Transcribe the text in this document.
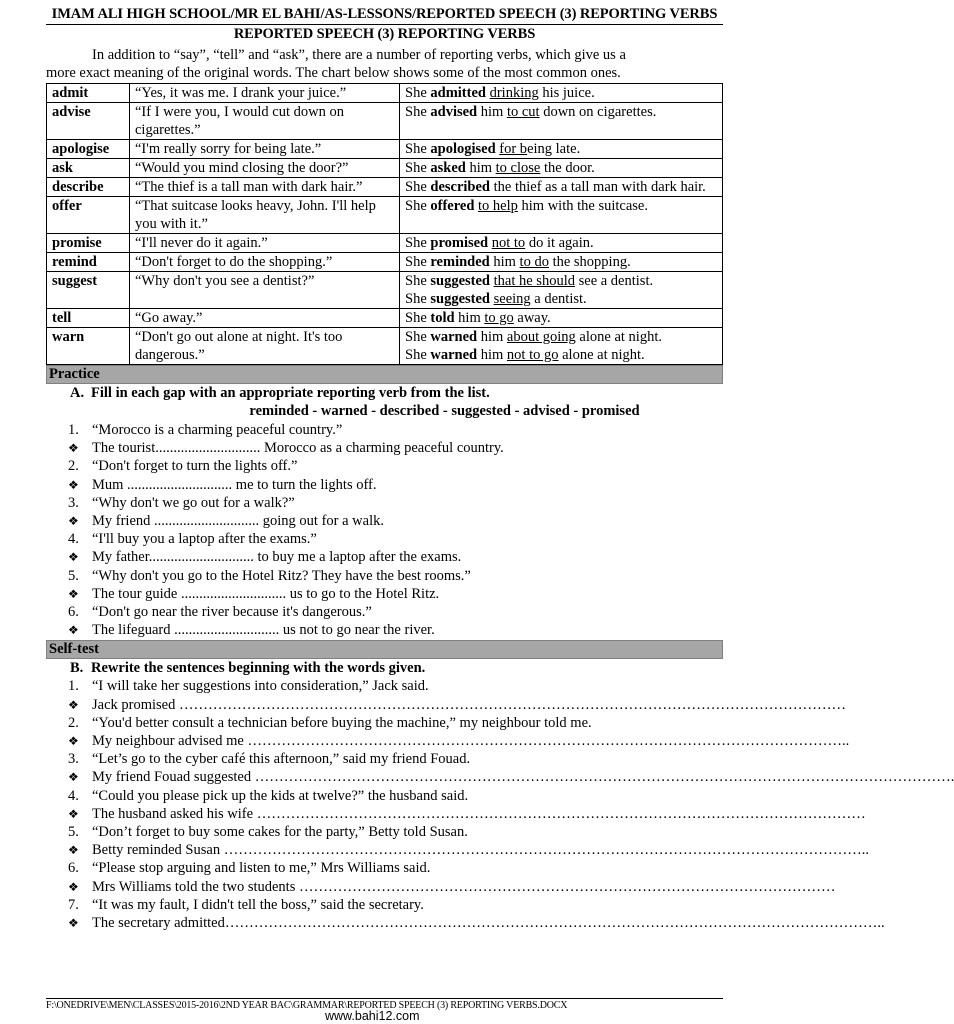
IMAM ALI HIGH SCHOOL/MR EL BAHI/AS-LESSONS/REPORTED SPEECH (3) REPORTING VERBS
REPORTED SPEECH (3) REPORTING VERBS
In addition to “say”, “tell” and “ask”, there are a number of reporting verbs, which give us a
more exact meaning of the original words. The chart below shows some of the most common ones.
admit	“Yes, it was me. I drank your juice.”	She admitted drinking his juice.

advise	“If I were you, I would cut down on cigarettes.”	She advised him to cut down on cigarettes.

apologise	“I'm really sorry for being late.”	She apologised for being late.

ask	“Would you mind closing the door?”	She asked him to close the door.

describe	“The thief is a tall man with dark hair.”	She described the thief as a tall man with dark hair.

offer	“That suitcase looks heavy, John. I'll help you with it.”	She offered to help him with the suitcase.

promise	“I'll never do it again.”	She promised not to do it again.

remind	“Don't forget to do the shopping.”	She reminded him to do the shopping.

suggest	“Why don't you see a dentist?”	She suggested that he should see a dentist.
She suggested seeing a dentist.

tell	“Go away.”	She told him to go away.

warn	“Don't go out alone at night. It's too dangerous.”	She warned him about going alone at night.
She warned him not to go alone at night.
Practice
A. Fill in each gap with an appropriate reporting verb from the list.
reminded - warned - described - suggested - advised - promised
1. “Morocco is a charming peaceful country.”
❖ The tourist............................. Morocco as a charming peaceful country.
2. “Don't forget to turn the lights off.”
❖ Mum ............................. me to turn the lights off.
3. “Why don't we go out for a walk?”
❖ My friend ............................. going out for a walk.
4. “I'll buy you a laptop after the exams.”
❖ My father............................. to buy me a laptop after the exams.
5. “Why don't you go to the Hotel Ritz? They have the best rooms.”
❖ The tour guide ............................. us to go to the Hotel Ritz.
6. “Don't go near the river because it's dangerous.”
❖ The lifeguard ............................. us not to go near the river.
Self-test
B. Rewrite the sentences beginning with the words given.
1. “I will take her suggestions into consideration,” Jack said.
❖ Jack promised …………………………………………………………………………………………………………………………
2. “You'd better consult a technician before buying the machine,” my neighbour told me.
❖ My neighbour advised me ……………………………………………………………………………………………………………..
3. “Let’s go to the cyber café this afternoon,” said my friend Fouad.
❖ My friend Fouad suggested ……………………………………………………………………………………………………………………………….
4. “Could you please pick up the kids at twelve?” the husband said.
❖ The husband asked his wife ………………………………………………………………………………………………………………
5. “Don’t forget to buy some cakes for the party,” Betty told Susan.
❖ Betty reminded Susan ……………………………………………………………………………………………………………………..
6. “Please stop arguing and listen to me,” Mrs Williams said.
❖ Mrs Williams told the two students …………………………………………………………………………………………………
7. “It was my fault, I didn't tell the boss,” said the secretary.
❖ The secretary admitted………………………………………………………………………………………………………………………..
F:\ONEDRIVE\MEN\CLASSES\2015-2016\2ND YEAR BAC\GRAMMAR\REPORTED SPEECH (3) REPORTING VERBS.DOCX
www.bahi12.com
